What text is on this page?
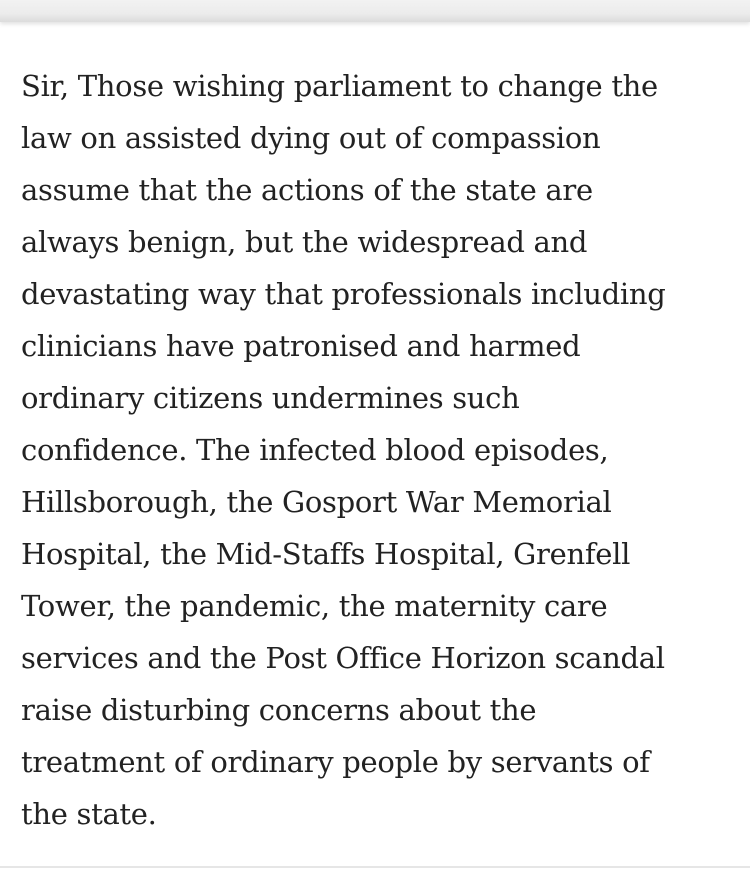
Sir, Those wishing parliament to change the
law on assisted dying out of compassion
assume that the actions of the state are
always benign, but the widespread and
devastating way that professionals including
clinicians have patronised and harmed
ordinary citizens undermines such
confidence. The infected blood episodes,
Hillsborough, the Gosport War Memorial
Hospital, the Mid-Staffs Hospital, Grenfell
Tower, the pandemic, the maternity care
services and the Post Office Horizon scandal
raise disturbing concerns about the
treatment of ordinary people by servants of
the state.
